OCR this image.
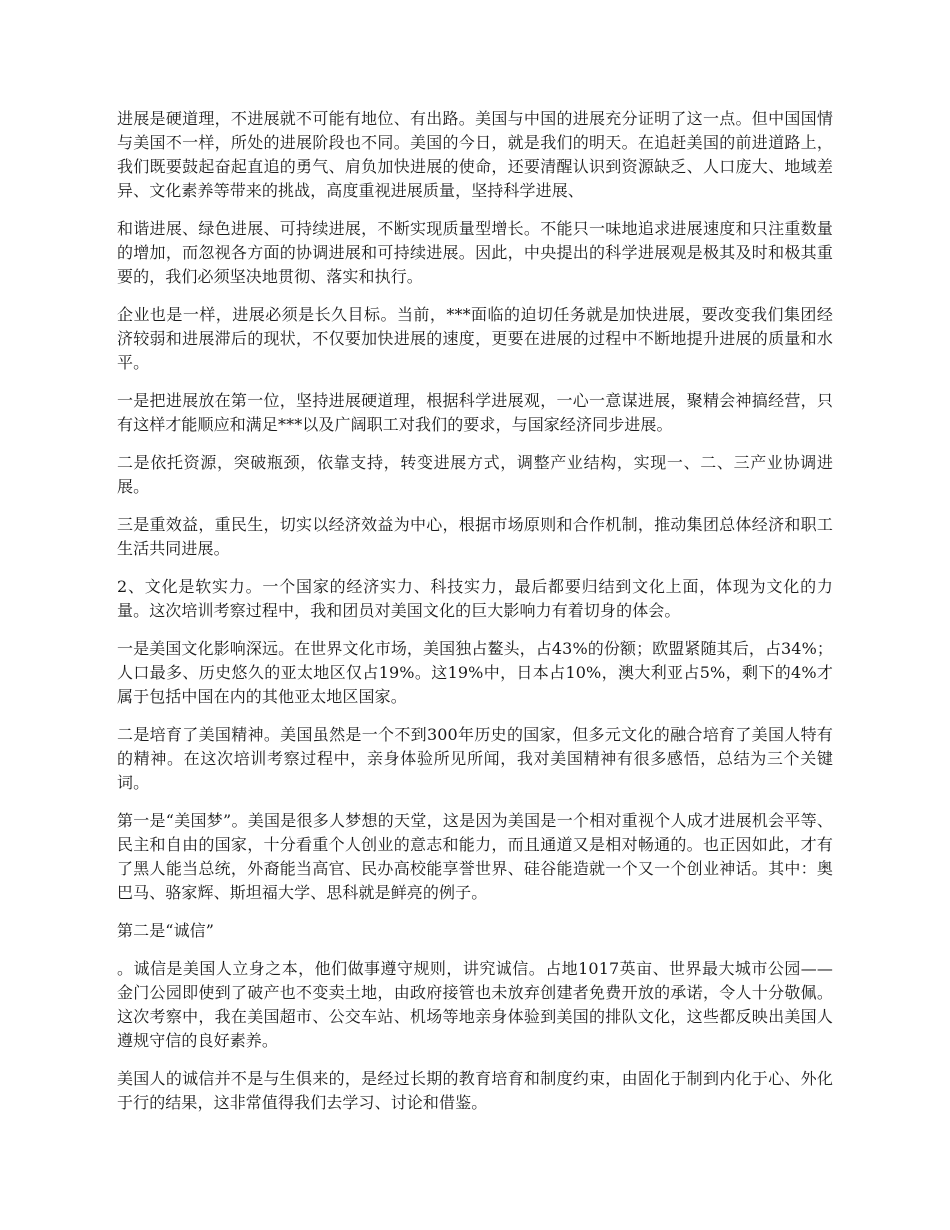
进展是硬道理，不进展就不可能有地位、有出路。美国与中国的进展充分证明了这一点。但中国国情与美国不一样，所处的进展阶段也不同。美国的今日，就是我们的明天。在追赶美国的前进道路上，我们既要鼓起奋起直追的勇气、肩负加快进展的使命，还要清醒认识到资源缺乏、人口庞大、地域差异、文化素养等带来的挑战，高度重视进展质量，坚持科学进展、

和谐进展、绿色进展、可持续进展，不断实现质量型增长。不能只一味地追求进展速度和只注重数量的增加，而忽视各方面的协调进展和可持续进展。因此，中央提出的科学进展观是极其及时和极其重要的，我们必须坚决地贯彻、落实和执行。

企业也是一样，进展必须是长久目标。当前，***面临的迫切任务就是加快进展，要改变我们集团经济较弱和进展滞后的现状，不仅要加快进展的速度，更要在进展的过程中不断地提升进展的质量和水平。

一是把进展放在第一位，坚持进展硬道理，根据科学进展观，一心一意谋进展，聚精会神搞经营，只有这样才能顺应和满足***以及广阔职工对我们的要求，与国家经济同步进展。

二是依托资源，突破瓶颈，依靠支持，转变进展方式，调整产业结构，实现一、二、三产业协调进展。

三是重效益，重民生，切实以经济效益为中心，根据市场原则和合作机制，推动集团总体经济和职工生活共同进展。

2、文化是软实力。一个国家的经济实力、科技实力，最后都要归结到文化上面，体现为文化的力量。这次培训考察过程中，我和团员对美国文化的巨大影响力有着切身的体会。

一是美国文化影响深远。在世界文化市场，美国独占鳌头，占43%的份额；欧盟紧随其后，占34%；人口最多、历史悠久的亚太地区仅占19%。这19%中，日本占10%，澳大利亚占5%，剩下的4%才属于包括中国在内的其他亚太地区国家。

二是培育了美国精神。美国虽然是一个不到300年历史的国家，但多元文化的融合培育了美国人特有的精神。在这次培训考察过程中，亲身体验所见所闻，我对美国精神有很多感悟，总结为三个关键词。

第一是“美国梦”。美国是很多人梦想的天堂，这是因为美国是一个相对重视个人成才进展机会平等、民主和自由的国家，十分看重个人创业的意志和能力，而且通道又是相对畅通的。也正因如此，才有了黑人能当总统，外裔能当高官、民办高校能享誉世界、硅谷能造就一个又一个创业神话。其中：奥巴马、骆家辉、斯坦福大学、思科就是鲜亮的例子。

第二是“诚信”

。诚信是美国人立身之本，他们做事遵守规则，讲究诚信。占地1017英亩、世界最大城市公园——金门公园即使到了破产也不变卖土地，由政府接管也未放弃创建者免费开放的承诺，令人十分敬佩。这次考察中，我在美国超市、公交车站、机场等地亲身体验到美国的排队文化，这些都反映出美国人遵规守信的良好素养。

美国人的诚信并不是与生俱来的，是经过长期的教育培育和制度约束，由固化于制到内化于心、外化于行的结果，这非常值得我们去学习、讨论和借鉴。
